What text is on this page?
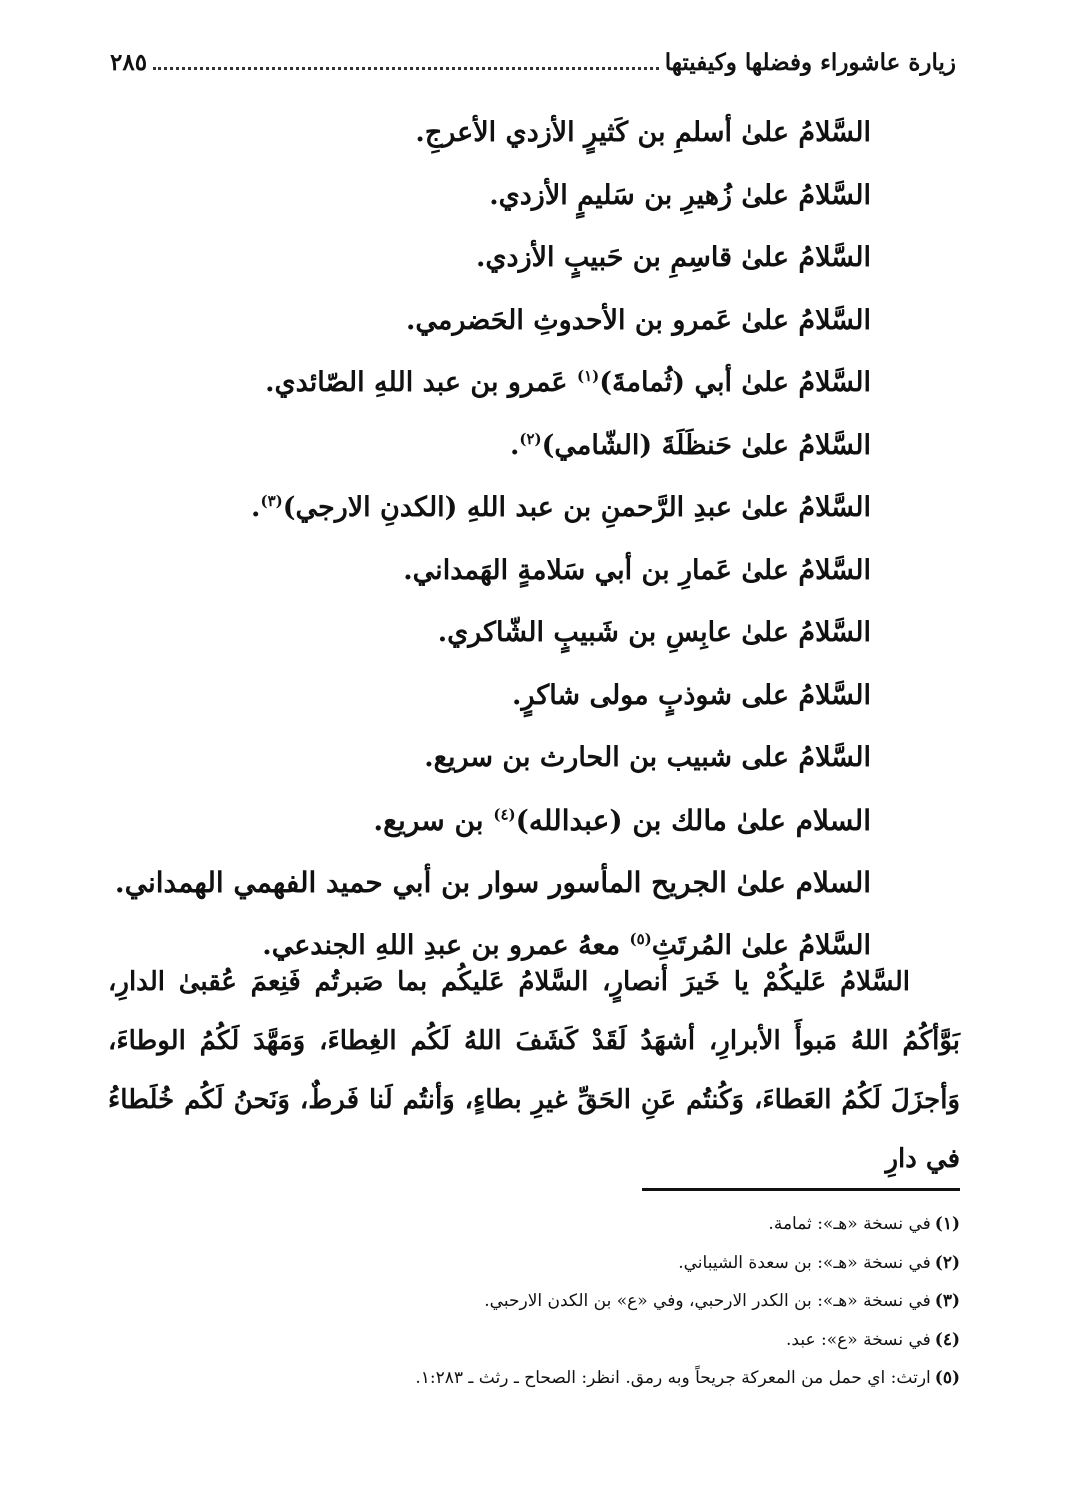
زيارة عاشوراء وفضلها وكيفيتها
٢٨٥
السَّلامُ علىٰ أسلمِ بن كَثيرٍ الأزدي الأعرجِ.
السَّلامُ علىٰ زُهيرِ بن سَليمٍ الأزدي.
السَّلامُ علىٰ قاسِمِ بن حَبيبٍ الأزدي.
السَّلامُ علىٰ عَمرو بن الأحدوثِ الحَضرمي.
السَّلامُ علىٰ أبي (ثُمامةَ)$^{(١)}$ عَمرو بن عبد اللهِ الصّائدي.
السَّلامُ علىٰ حَنظَلَةَ (الشّامي)$^{(٢)}$.
السَّلامُ علىٰ عبدِ الرَّحمنِ بن عبد اللهِ (الكدنِ الارجي)$^{(٣)}$.
السَّلامُ علىٰ عَمارِ بن أبي سَلامةٍ الهَمداني.
السَّلامُ علىٰ عابِسِ بن شَبيبٍ الشّاكري.
السَّلامُ على شوذبٍ مولى شاكرٍ.
السَّلامُ على شبيب بن الحارث بن سريع.
السلام علىٰ مالك بن (عبدالله)$^{(٤)}$ بن سريع.
السلام علىٰ الجريح المأسور سوار بن أبي حميد الفهمي الهمداني.
السَّلامُ علىٰ المُرتَثِ$^{(٥)}$ معهُ عمرو بن عبدِ اللهِ الجندعي.

السَّلامُ عَليكُمْ يا خَيرَ أنصارٍ، السَّلامُ عَليكُم بما صَبرتُم فَنِعمَ عُقبىٰ الدارِ، بَوَّأكُمُ اللهُ مَبوأَ الأبرارِ، أشهَدُ لَقَدْ كَشَفَ اللهُ لَكُم الغِطاءَ، وَمَهَّدَ لَكُمُ الوطاءَ، وَأجزَلَ لَكُمُ العَطاءَ، وَكُنتُم عَنِ الحَقِّ غيرِ بطاءٍ، وَأنتُم لَنا فَرطٌ، وَنَحنُ لَكُم خُلَطاءُ في دارِ

(١)في نسخة «هـ»: ثمامة.
(٢)في نسخة «هـ»: بن سعدة الشيباني.
(٣)في نسخة «هـ»: بن الكدر الارحبي، وفي «ع» بن الكدن الارحبي.
(٤)في نسخة «ع»: عبد.
(٥)ارتث: اي حمل من المعركة جريحاً وبه رمق. انظر: الصحاح ـ رثث ـ ١:٢٨٣.
